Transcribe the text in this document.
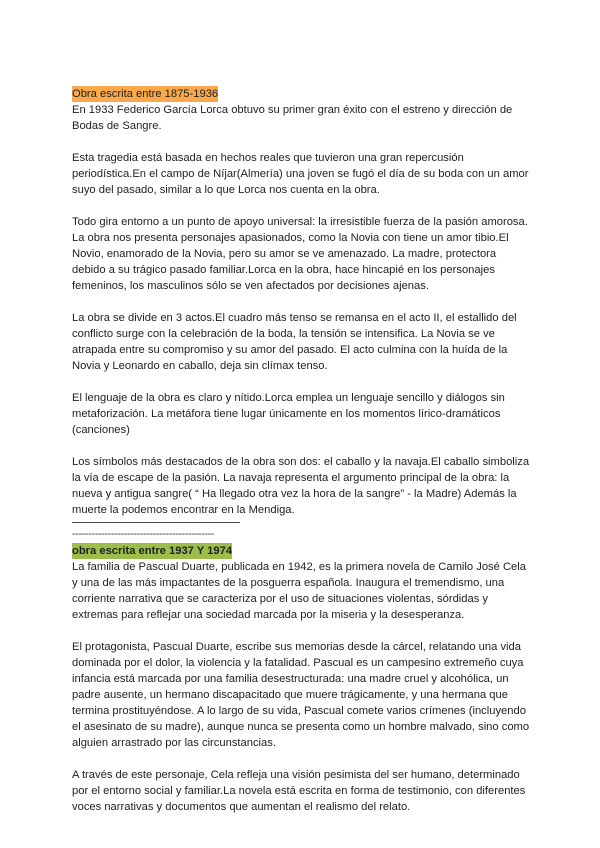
Obra escrita entre 1875-1936

En 1933 Federico García Lorca obtuvo su primer gran éxito con el estreno y dirección de Bodas de Sangre.

Esta tragedia está basada en hechos reales que tuvieron una gran repercusión periodística.En el campo de Níjar(Almería) una joven se fugó el día de su boda con un amor suyo del pasado, similar a lo que Lorca nos cuenta en la obra.

Todo gira entorno a un punto de apoyo universal: la irresistible fuerza de la pasión amorosa. La obra nos presenta personajes apasionados, como la Novia con tiene un amor tibio.El Novio, enamorado de la Novia, pero su amor se ve amenazado. La madre, protectora debido a su trágico pasado familiar.Lorca en la obra, hace hincapié en los personajes femeninos, los masculinos sólo se ven afectados por decisiones ajenas.

La obra se divide en 3 actos.El cuadro más tenso se remansa en el acto II, el estallido del conflicto surge con la celebración de la boda, la tensión se intensifica. La Novia se ve atrapada entre su compromiso y su amor del pasado. El acto culmina con la huída de la Novia y Leonardo en caballo, deja sin clímax tenso.

El lenguaje de la obra es claro y nítido.Lorca emplea un lenguaje sencillo y diálogos sin metaforización. La metáfora tiene lugar únicamente en los momentos lírico-dramáticos (canciones)

Los símbolos más destacados de la obra son dos: el caballo y la navaja.El caballo simboliza la vía de escape de la pasión. La navaja representa el argumento principal de la obra: la nueva y antigua sangre( “ Ha llegado otra vez la hora de la sangre” - la Madre) Además la muerte la podemos encontrar en la Mendiga.

--------------------------------------------
obra escrita entre 1937 Y 1974

La familia de Pascual Duarte, publicada en 1942, es la primera novela de Camilo José Cela y una de las más impactantes de la posguerra española. Inaugura el tremendismo, una corriente narrativa que se caracteriza por el uso de situaciones violentas, sórdidas y extremas para reflejar una sociedad marcada por la miseria y la desesperanza.

El protagonista, Pascual Duarte, escribe sus memorias desde la cárcel, relatando una vida dominada por el dolor, la violencia y la fatalidad. Pascual es un campesino extremeño cuya infancia está marcada por una familia desestructurada: una madre cruel y alcohólica, un padre ausente, un hermano discapacitado que muere trágicamente, y una hermana que termina prostituyéndose. A lo largo de su vida, Pascual comete varios crímenes (incluyendo el asesinato de su madre), aunque nunca se presenta como un hombre malvado, sino como alguien arrastrado por las circunstancias.

A través de este personaje, Cela refleja una visión pesimista del ser humano, determinado por el entorno social y familiar.La novela está escrita en forma de testimonio, con diferentes voces narrativas y documentos que aumentan el realismo del relato.
